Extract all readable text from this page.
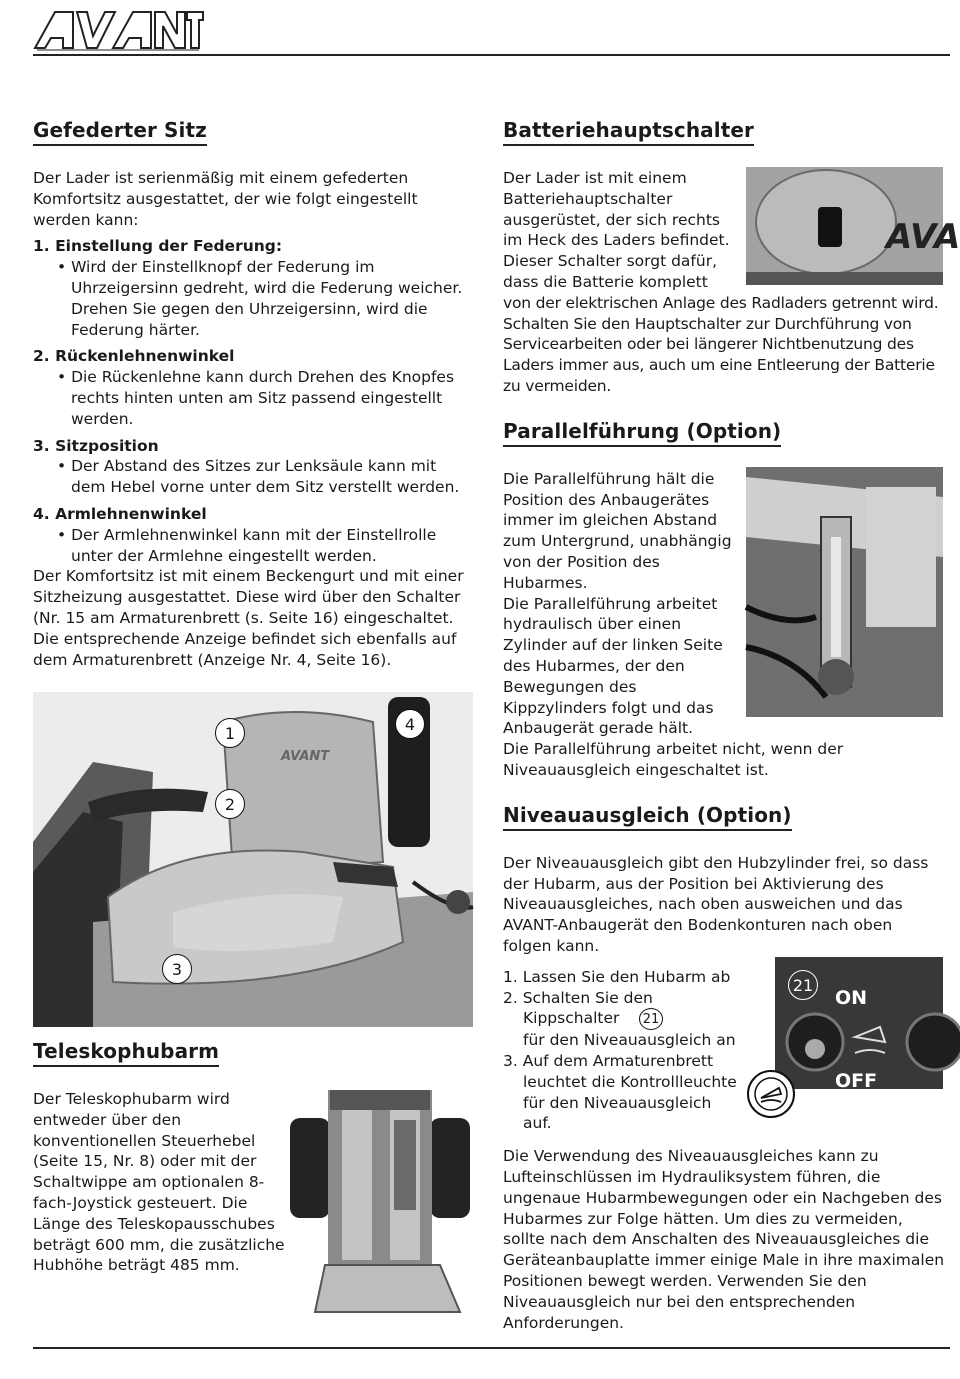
Gefederter Sitz

Der Lader ist serienmäßig mit einem gefederten Komfortsitz ausgestattet, der wie folgt eingestellt werden kann:

1. Einstellung der Federung:
• Wird der Einstellknopf der Federung im Uhrzeigersinn gedreht, wird die Federung weicher. Drehen Sie gegen den Uhrzeigersinn, wird die Federung härter.
2. Rückenlehnenwinkel
• Die Rückenlehne kann durch Drehen des Knopfes rechts hinten unten am Sitz passend eingestellt werden.
3. Sitzposition
• Der Abstand des Sitzes zur Lenksäule kann mit dem Hebel vorne unter dem Sitz verstellt werden.
4. Armlehnenwinkel
• Der Armlehnenwinkel kann mit der Einstellrolle unter der Armlehne eingestellt werden.

Der Komfortsitz ist mit einem Beckengurt und mit einer Sitzheizung ausgestattet. Diese wird über den Schalter (Nr. 15 am Armaturenbrett (s. Seite 16) eingeschaltet. Die entsprechende Anzeige befindet sich ebenfalls auf dem Armaturenbrett (Anzeige Nr. 4, Seite 16).

AVANT
1
2
3
4
Teleskophubarm

Der Teleskophubarm wird entweder über den konventionellen Steuerhebel (Seite 15, Nr. 8) oder mit der Schaltwippe am optionalen 8-fach-Joystick gesteuert. Die Länge des Teleskopausschubes beträgt 600 mm, die zusätzliche Hubhöhe beträgt 485 mm.

Batteriehauptschalter

Der Lader ist mit einem Batteriehauptschalter ausgerüstet, der sich rechts im Heck des Laders befindet. Dieser Schalter sorgt dafür, dass die Batterie komplett

von der elektrischen Anlage des Radladers getrennt wird. Schalten Sie den Hauptschalter zur Durchführung von Servicearbeiten oder bei längerer Nichtbenutzung des Laders immer aus, auch um eine Entleerung der Batterie zu vermeiden.

Parallelführung (Option)

Die Parallelführung hält die Position des Anbaugerätes immer im gleichen Abstand zum Untergrund, unabhängig von der Position des Hubarmes.

Die Parallelführung arbeitet hydraulisch über einen Zylinder auf der linken Seite des Hubarmes, der den Bewegungen des Kippzylinders folgt und das Anbaugerät gerade hält.

Die Parallelführung arbeitet nicht, wenn der Niveauausgleich eingeschaltet ist.

Niveauausgleich (Option)

Der Niveauausgleich gibt den Hubzylinder frei, so dass der Hubarm, aus der Position bei Aktivierung des Niveauausgleiches, nach oben ausweichen und das AVANT-Anbaugerät den Bodenkonturen nach oben folgen kann.

1. Lassen Sie den Hubarm ab
2. Schalten Sie den Kippschalter	21
für den Niveauausgleich an
3. Auf dem Armaturenbrett leuchtet die Kontrollleuchte für den Niveauausgleich auf.

Die Verwendung des Niveauausgleiches kann zu Lufteinschlüssen im Hydrauliksystem führen, die ungenaue Hubarmbewegungen oder ein Nachgeben des Hubarmes zur Folge hätten. Um dies zu vermeiden, sollte nach dem Anschalten des Niveauausgleiches die Geräteanbauplatte immer einige Male in ihre maximalen Positionen bewegt werden. Verwenden Sie den Niveauausgleich nur bei den entsprechenden Anforderungen.

AVA
21
ON
OFF
